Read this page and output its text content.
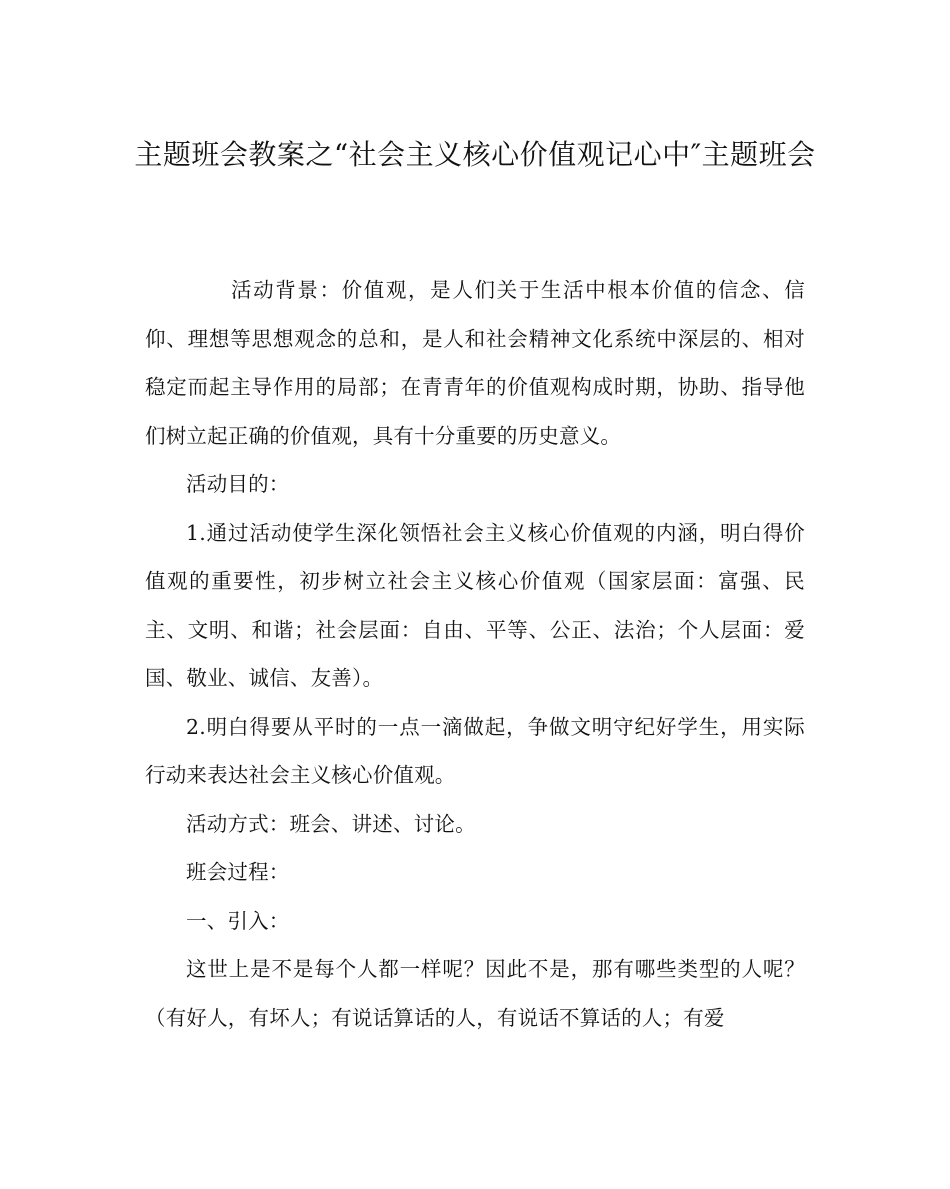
主题班会教案之“社会主义核心价值观记心中″主题班会

活动背景：价值观，是人们关于生活中根本价值的信念、信仰、理想等思想观念的总和，是人和社会精神文化系统中深层的、相对稳定而起主导作用的局部；在青青年的价值观构成时期，协助、指导他们树立起正确的价值观，具有十分重要的历史意义。

活动目的：

1.通过活动使学生深化领悟社会主义核心价值观的内涵，明白得价值观的重要性，初步树立社会主义核心价值观（国家层面：富强、民主、文明、和谐；社会层面：自由、平等、公正、法治；个人层面：爱国、敬业、诚信、友善）。

2.明白得要从平时的一点一滴做起，争做文明守纪好学生，用实际行动来表达社会主义核心价值观。

活动方式：班会、讲述、讨论。

班会过程：

一、引入：

这世上是不是每个人都一样呢？因此不是，那有哪些类型的人呢？（有好人，有坏人；有说话算话的人，有说话不算话的人；有爱
